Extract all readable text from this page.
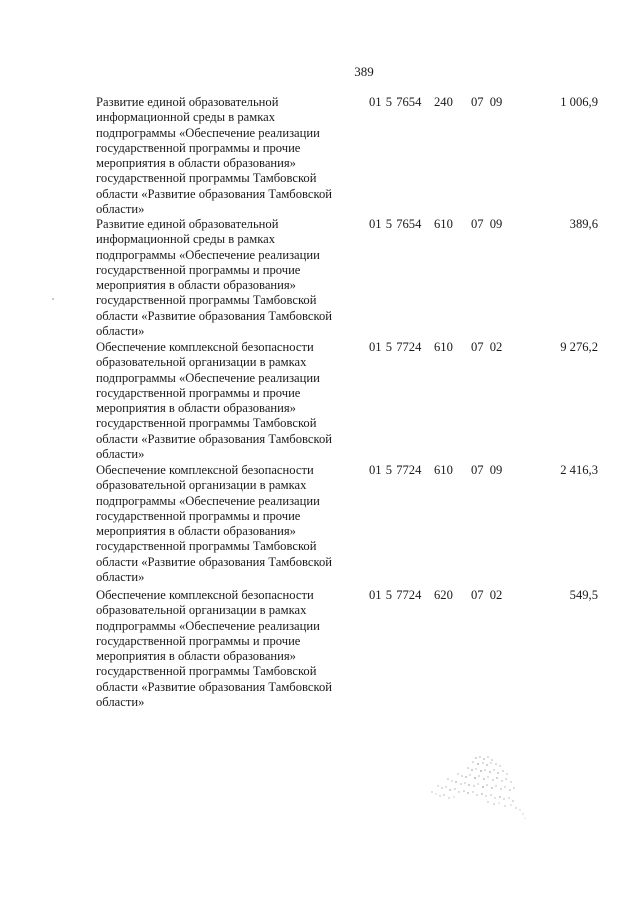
389
Развитие единой образовательной
информационной среды в рамках
подпрограммы «Обеспечение реализации
государственной программы и прочие
мероприятия в области образования»
государственной программы Тамбовской
области «Развитие образования Тамбовской
области»
01 5 7654 240 07 09	1 006,9
Развитие единой образовательной
информационной среды в рамках
подпрограммы «Обеспечение реализации
государственной программы и прочие
мероприятия в области образования»
государственной программы Тамбовской
области «Развитие образования Тамбовской
области»
01 5 7654 610 07 09	389,6
Обеспечение комплексной безопасности
образовательной организации в рамках
подпрограммы «Обеспечение реализации
государственной программы и прочие
мероприятия в области образования»
государственной программы Тамбовской
области «Развитие образования Тамбовской
области»
01 5 7724 610 07 02	9 276,2
Обеспечение комплексной безопасности
образовательной организации в рамках
подпрограммы «Обеспечение реализации
государственной программы и прочие
мероприятия в области образования»
государственной программы Тамбовской
области «Развитие образования Тамбовской
области»
01 5 7724 610 07 09	2 416,3
Обеспечение комплексной безопасности
образовательной организации в рамках
подпрограммы «Обеспечение реализации
государственной программы и прочие
мероприятия в области образования»
государственной программы Тамбовской
области «Развитие образования Тамбовской
области»
01 5 7724 620 07 02	549,5
